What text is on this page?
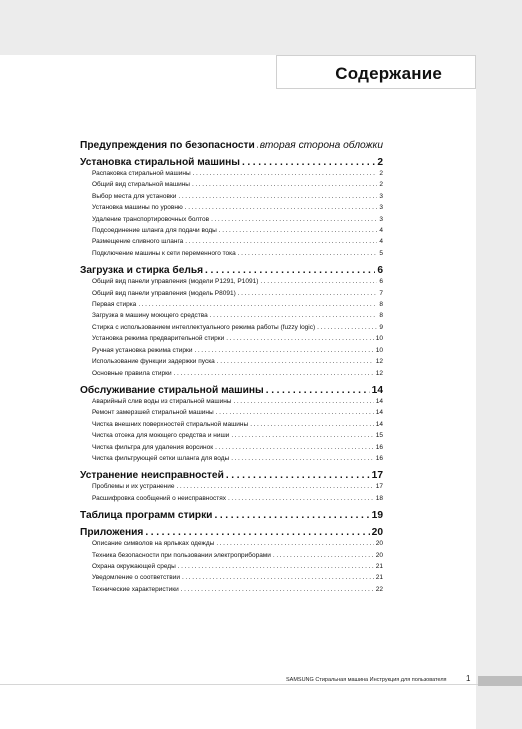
Содержание
Предупреждения по безопасности ..... вторая сторона обложки
Установка стиральной машины .....	2
Распаковка стиральной машины .....	2
Общий вид стиральной машины .....	2
Выбор места для установки .....	3
Установка машины по уровню .....	3
Удаление транспортировочных болтов .....	3
Подсоединение шланга для подачи воды .....	4
Размещение сливного шланга .....	4
Подключение машины к сети переменного тока .....	5
Загрузка и стирка белья .....	6
Общий вид панели управления (модели P1291, P1091) .....	6
Общий вид панели управления (модель P8091) .....	7
Первая стирка .....	8
Загрузка в машину моющего средства .....	8
Стирка с использованием интеллектуального режима работы (fuzzy logic) .....	9
Установка режима предварительной стирки .....	10
Ручная установка режима стирки .....	10
Использование функции задержки пуска .....	12
Основные правила стирки .....	12
Обслуживание стиральной машины .....	14
Аварийный слив воды из стиральной машины .....	14
Ремонт замерзшей стиральной машины .....	14
Чистка внешних поверхностей стиральной машины .....	14
Чистка отсека для моющего средства и ниши .....	15
Чистка фильтра для удаления ворсинок .....	16
Чистка фильтрующей сетки шланга для воды .....	16
Устранение неисправностей .....	17
Проблемы и их устранение .....	17
Расшифровка сообщений о неисправностях .....	18
Таблица программ стирки .....	19
Приложения .....	20
Описание символов на ярлыках одежды .....	20
Техника безопасности при пользовании электроприборами .....	20
Охрана окружающей среды .....	21
Уведомление о соответствии .....	21
Технические характеристики .....	22
SAMSUNG Стиральная машина Инструкция для пользователя 1
